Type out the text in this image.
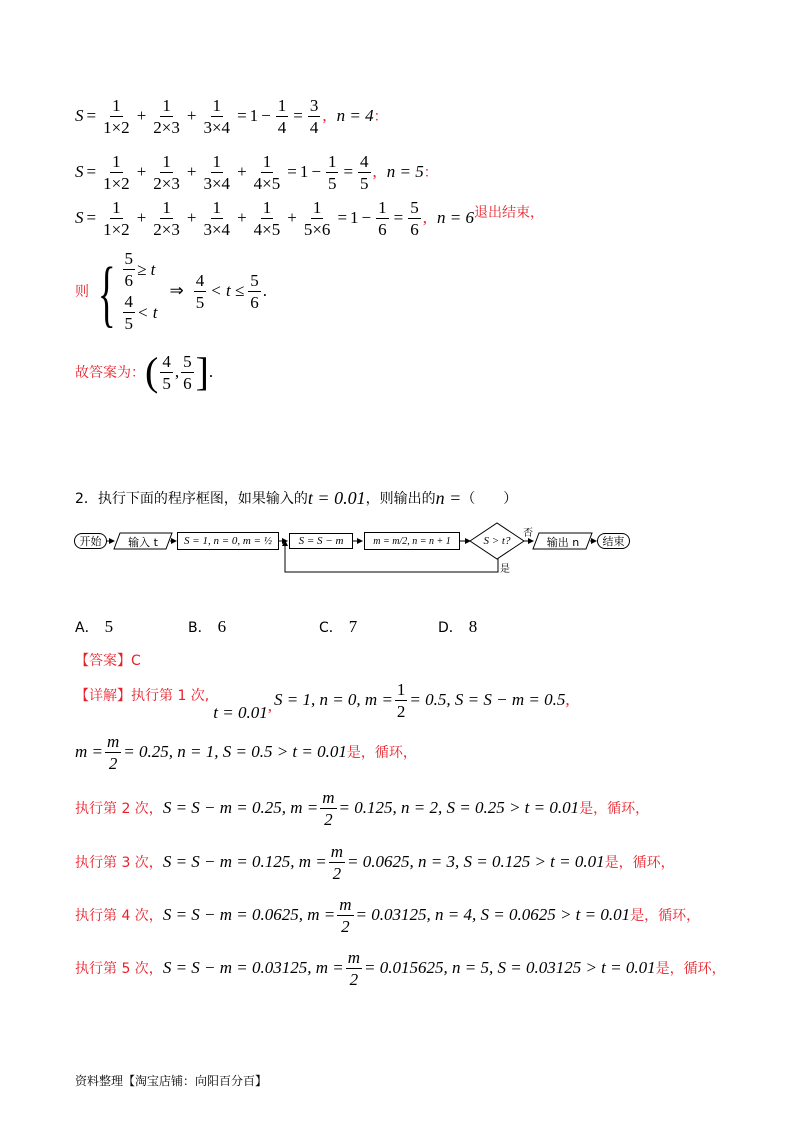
$S = \frac{1}{1\times 2} + \frac{1}{2\times 3} + \frac{1}{3\times 4} = 1 - \frac{1}{4} = \frac{3}{4}$ , n = 4 ：
$S = \frac{1}{1\times 2} + \frac{1}{2\times 3} + \frac{1}{3\times 4} + \frac{1}{4\times 5} = 1 - \frac{1}{5} = \frac{4}{5}$ , n = 5 ：
$S = \frac{1}{1\times 2} + \frac{1}{2\times 3} + \frac{1}{3\times 4} + \frac{1}{4\times 5} + \frac{1}{5\times 6} = 1 - \frac{1}{6} = \frac{5}{6}$ , n = 6 退出结束，
则 { $\frac{5}{6} \ge t$
$\frac{4}{5} < t$
⇒ $\frac{4}{5} < t \le \frac{5}{6}$ .
故答案为： ( $\frac{4}{5}$ , $\frac{5}{6}$ ] .
2． 执行下面的程序框图，如果输入的 t = 0.01 ，则输出的 n = （　　）
开始	输入 t	S = 1, n = 0, m = ½ S = S − m	m = m/2, n = n + 1	S > t?
否
是
输出 n	结束
A． 5	B． 6	C． 7	D． 8
【答案】C
【详解】执行第 1 次,
t = 0.01 , S = 1, n = 0, $m = \frac{1}{2} = 0.5$, S = S − m = 0.5 ,
$m = \frac{m}{2} = 0.25$, n = 1, S = 0.5 > t = 0.01 是，循环，
执行第 2 次， S = S − m = 0.25, $m = \frac{m}{2} = 0.125$, n = 2, S = 0.25 > t = 0.01 是，循环，
执行第 3 次， S = S − m = 0.125, $m = \frac{m}{2} = 0.0625$, n = 3, S = 0.125 > t = 0.01 是，循环，
执行第 4 次， S = S − m = 0.0625, $m = \frac{m}{2} = 0.03125$, n = 4, S = 0.0625 > t = 0.01 是，循环，
执行第 5 次， S = S − m = 0.03125, $m = \frac{m}{2} = 0.015625$, n = 5, S = 0.03125 > t = 0.01 是，循环，
资料整理【淘宝店铺：向阳百分百】
